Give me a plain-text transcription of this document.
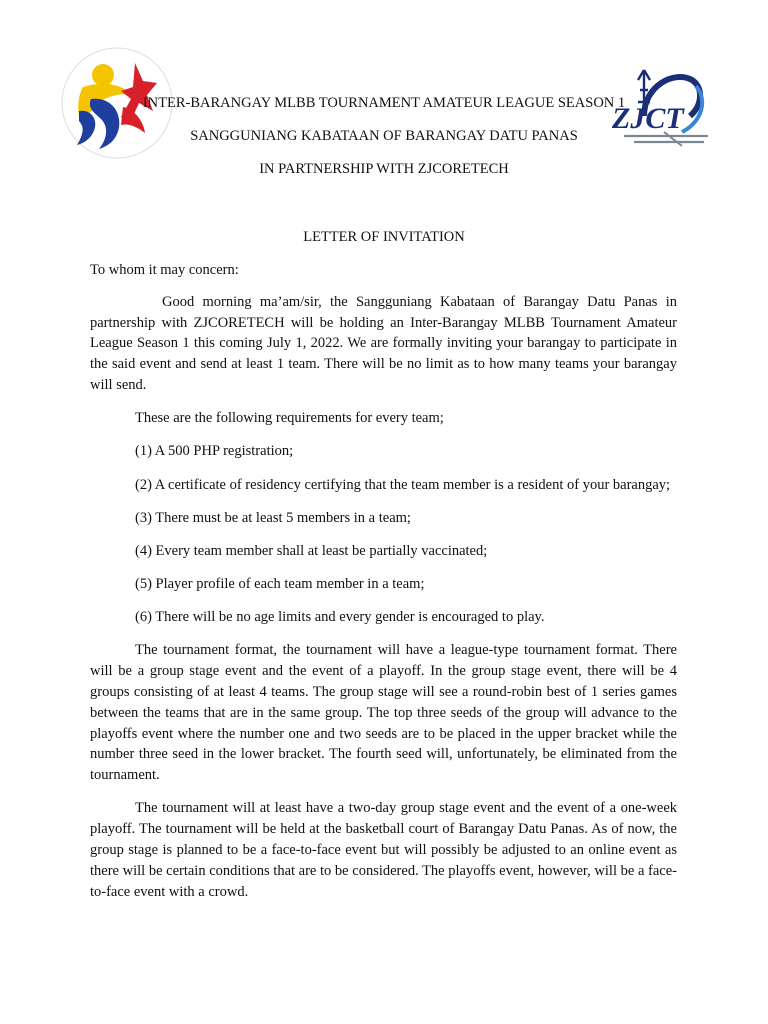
ZJCT
INTER-BARANGAY MLBB TOURNAMENT AMATEUR LEAGUE SEASON 1
SANGGUNIANG KABATAAN OF BARANGAY DATU PANAS
IN PARTNERSHIP WITH ZJCORETECH
LETTER OF INVITATION

To whom it may concern:

Good morning ma’am/sir, the Sangguniang Kabataan of Barangay Datu Panas in partnership with ZJCORETECH will be holding an Inter-Barangay MLBB Tournament Amateur League Season 1 this coming July 1, 2022. We are formally inviting your barangay to participate in the said event and send at least 1 team. There will be no limit as to how many teams your barangay will send.

These are the following requirements for every team;

(1) A 500 PHP registration;

(2) A certificate of residency certifying that the team member is a resident of your barangay;

(3) There must be at least 5 members in a team;

(4) Every team member shall at least be partially vaccinated;

(5) Player profile of each team member in a team;

(6) There will be no age limits and every gender is encouraged to play.

The tournament format, the tournament will have a league-type tournament format. There will be a group stage event and the event of a playoff. In the group stage event, there will be 4 groups consisting of at least 4 teams. The group stage will see a round-robin best of 1 series games between the teams that are in the same group. The top three seeds of the group will advance to the playoffs event where the number one and two seeds are to be placed in the upper bracket while the number three seed in the lower bracket. The fourth seed will, unfortunately, be eliminated from the tournament.

The tournament will at least have a two-day group stage event and the event of a one-week playoff. The tournament will be held at the basketball court of Barangay Datu Panas. As of now, the group stage is planned to be a face-to-face event but will possibly be adjusted to an online event as there will be certain conditions that are to be considered. The playoffs event, however, will be a face-to-face event with a crowd.
